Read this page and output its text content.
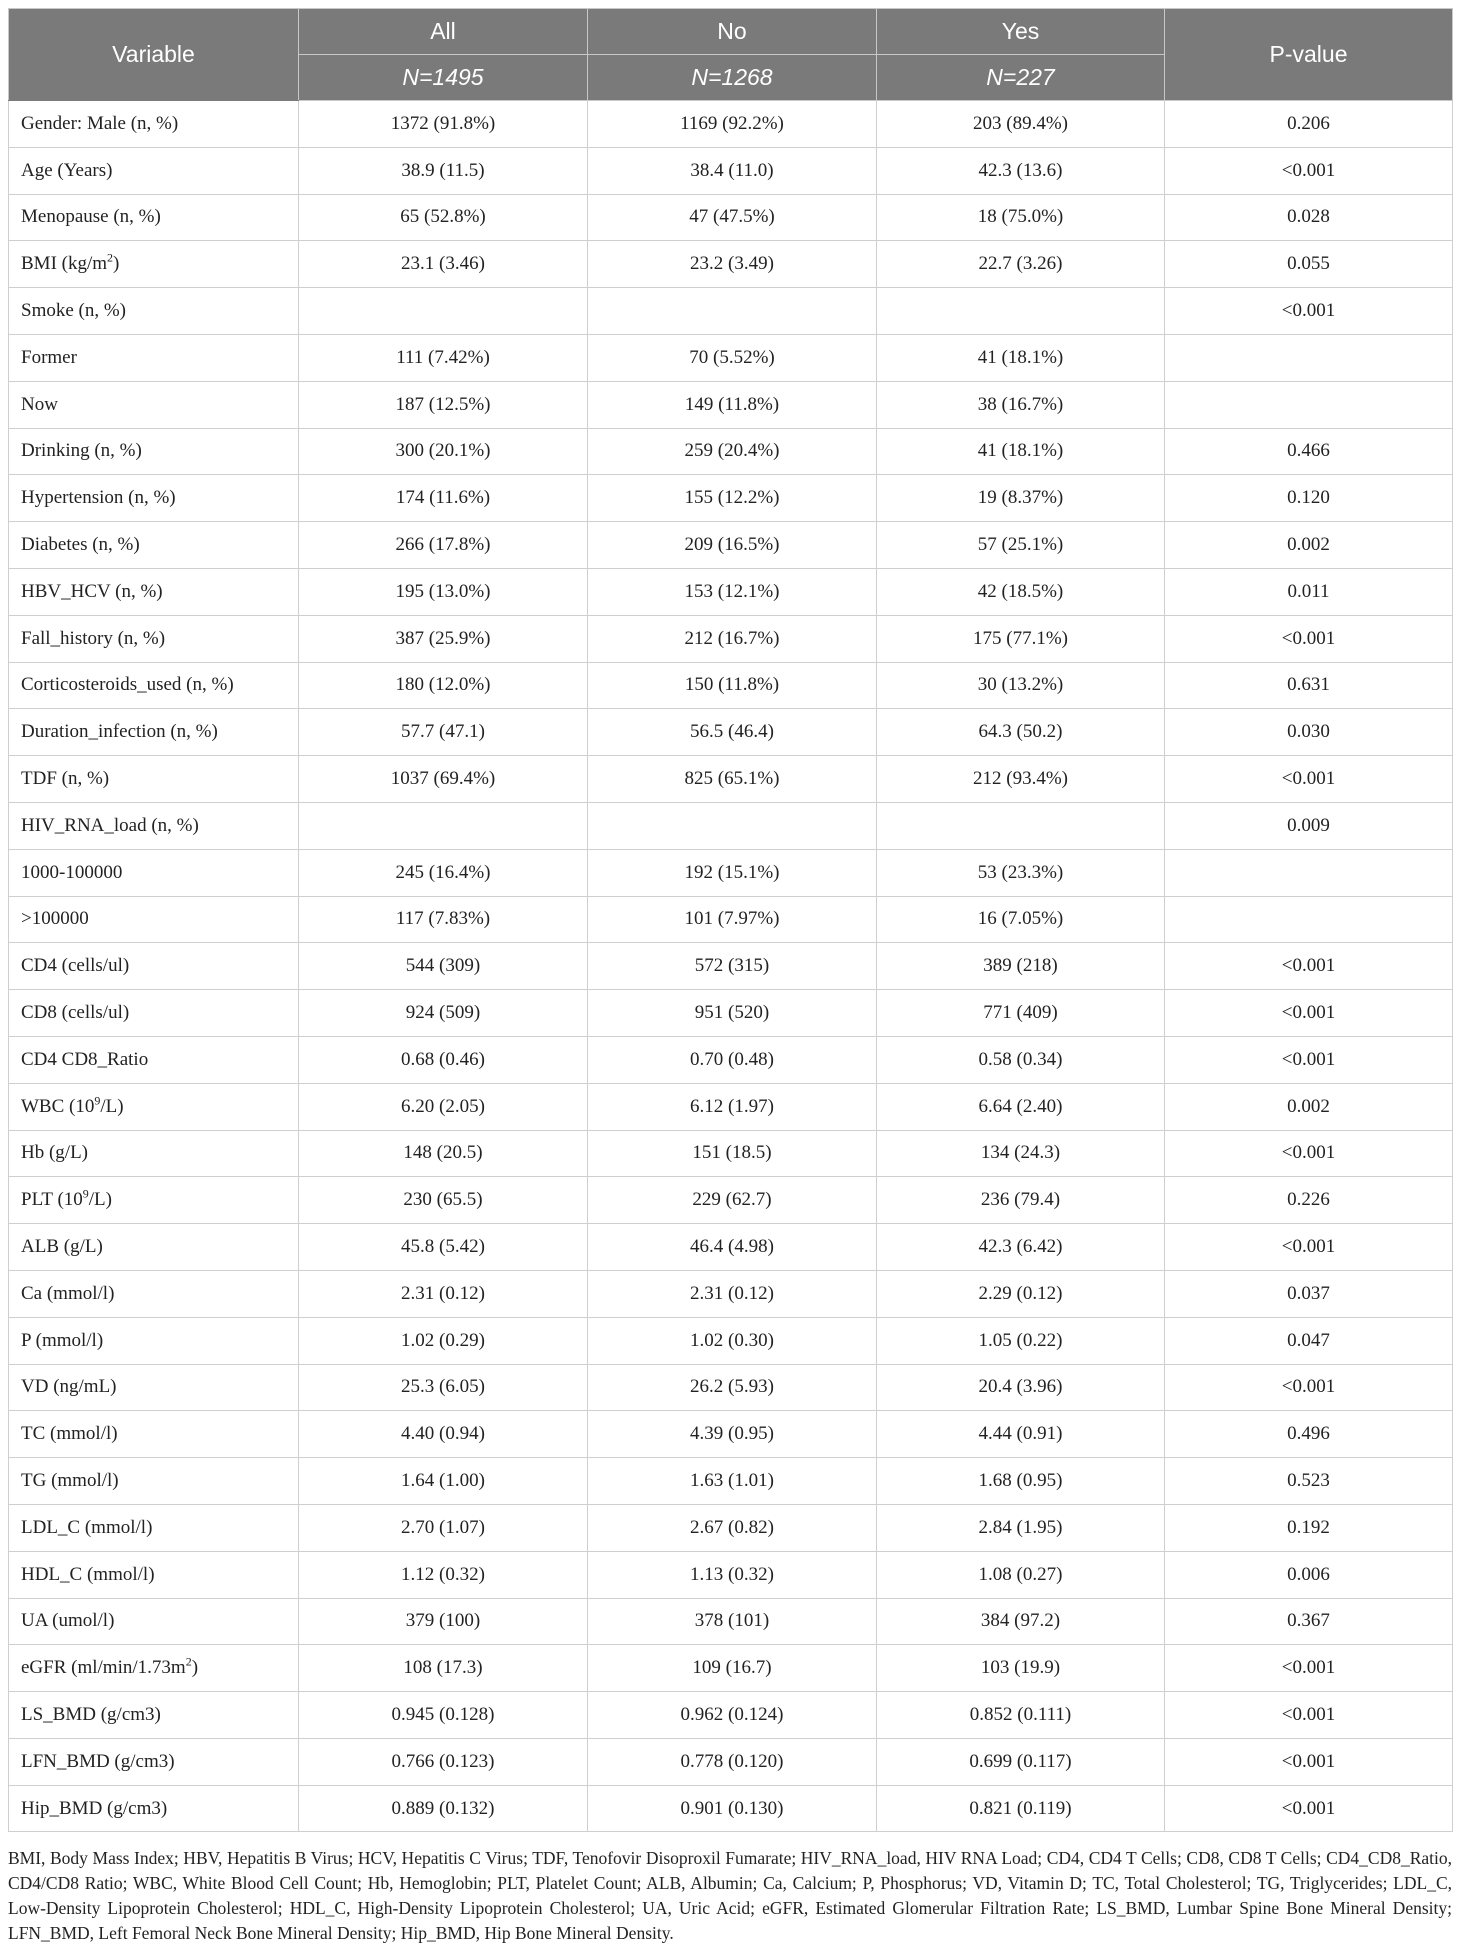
Variable	All	No	Yes	P-value
	N=1495	N=1268	N=227	
Gender: Male (n, %)	1372 (91.8%)	1169 (92.2%)	203 (89.4%)	0.206
Age (Years)	38.9 (11.5)	38.4 (11.0)	42.3 (13.6)	<0.001
Menopause (n, %)	65 (52.8%)	47 (47.5%)	18 (75.0%)	0.028
BMI $(kg/m^2)$	23.1 (3.46)	23.2 (3.49)	22.7 (3.26)	0.055
Smoke (n, %)				<0.001
Former	111 (7.42%)	70 (5.52%)	41 (18.1%)	
Now	187 (12.5%)	149 (11.8%)	38 (16.7%)	
Drinking (n, %)	300 (20.1%)	259 (20.4%)	41 (18.1%)	0.466
Hypertension (n, %)	174 (11.6%)	155 (12.2%)	19 (8.37%)	0.120
Diabetes (n, %)	266 (17.8%)	209 (16.5%)	57 (25.1%)	0.002
HBV_HCV (n, %)	195 (13.0%)	153 (12.1%)	42 (18.5%)	0.011
Fall_history (n, %)	387 (25.9%)	212 (16.7%)	175 (77.1%)	<0.001
Corticosteroids_used (n, %)	180 (12.0%)	150 (11.8%)	30 (13.2%)	0.631
Duration_infection (n, %)	57.7 (47.1)	56.5 (46.4)	64.3 (50.2)	0.030
TDF (n, %)	1037 (69.4%)	825 (65.1%)	212 (93.4%)	<0.001
HIV_RNA_load (n, %)				0.009
1000-100000	245 (16.4%)	192 (15.1%)	53 (23.3%)	
>100000	117 (7.83%)	101 (7.97%)	16 (7.05%)	
CD4 (cells/ul)	544 (309)	572 (315)	389 (218)	<0.001
CD8 (cells/ul)	924 (509)	951 (520)	771 (409)	<0.001
CD4 CD8_Ratio	0.68 (0.46)	0.70 (0.48)	0.58 (0.34)	<0.001
WBC $(10^9/L)$	6.20 (2.05)	6.12 (1.97)	6.64 (2.40)	0.002
Hb (g/L)	148 (20.5)	151 (18.5)	134 (24.3)	<0.001
PLT $(10^9/L)$	230 (65.5)	229 (62.7)	236 (79.4)	0.226
ALB (g/L)	45.8 (5.42)	46.4 (4.98)	42.3 (6.42)	<0.001
Ca (mmol/l)	2.31 (0.12)	2.31 (0.12)	2.29 (0.12)	0.037
P (mmol/l)	1.02 (0.29)	1.02 (0.30)	1.05 (0.22)	0.047
VD (ng/mL)	25.3 (6.05)	26.2 (5.93)	20.4 (3.96)	<0.001
TC (mmol/l)	4.40 (0.94)	4.39 (0.95)	4.44 (0.91)	0.496
TG (mmol/l)	1.64 (1.00)	1.63 (1.01)	1.68 (0.95)	0.523
LDL_C (mmol/l)	2.70 (1.07)	2.67 (0.82)	2.84 (1.95)	0.192
HDL_C (mmol/l)	1.12 (0.32)	1.13 (0.32)	1.08 (0.27)	0.006
UA (umol/l)	379 (100)	378 (101)	384 (97.2)	0.367
eGFR $(ml/\min/1.73m^2)$	108 (17.3)	109 (16.7)	103 (19.9)	<0.001
LS_BMD (g/cm3)	0.945 (0.128)	0.962 (0.124)	0.852 (0.111)	<0.001
LFN_BMD (g/cm3)	0.766 (0.123)	0.778 (0.120)	0.699 (0.117)	<0.001
Hip_BMD (g/cm3)	0.889 (0.132)	0.901 (0.130)	0.821 (0.119)	<0.001
BMI, Body Mass Index; HBV, Hepatitis B Virus; HCV, Hepatitis C Virus; TDF, Tenofovir Disoproxil Fumarate; HIV_RNA_load, HIV RNA Load; CD4, CD4 T Cells; CD8, CD8 T Cells; CD4_CD8_Ratio, CD4/CD8 Ratio; WBC, White Blood Cell Count; Hb, Hemoglobin; PLT, Platelet Count; ALB, Albumin; Ca, Calcium; P, Phosphorus; VD, Vitamin D; TC, Total Cholesterol; TG, Triglycerides; LDL_C, Low-Density Lipoprotein Cholesterol; HDL_C, High-Density Lipoprotein Cholesterol; UA, Uric Acid; eGFR, Estimated Glomerular Filtration Rate; LS_BMD, Lumbar Spine Bone Mineral Density; LFN_BMD, Left Femoral Neck Bone Mineral Density; Hip_BMD, Hip Bone Mineral Density.
